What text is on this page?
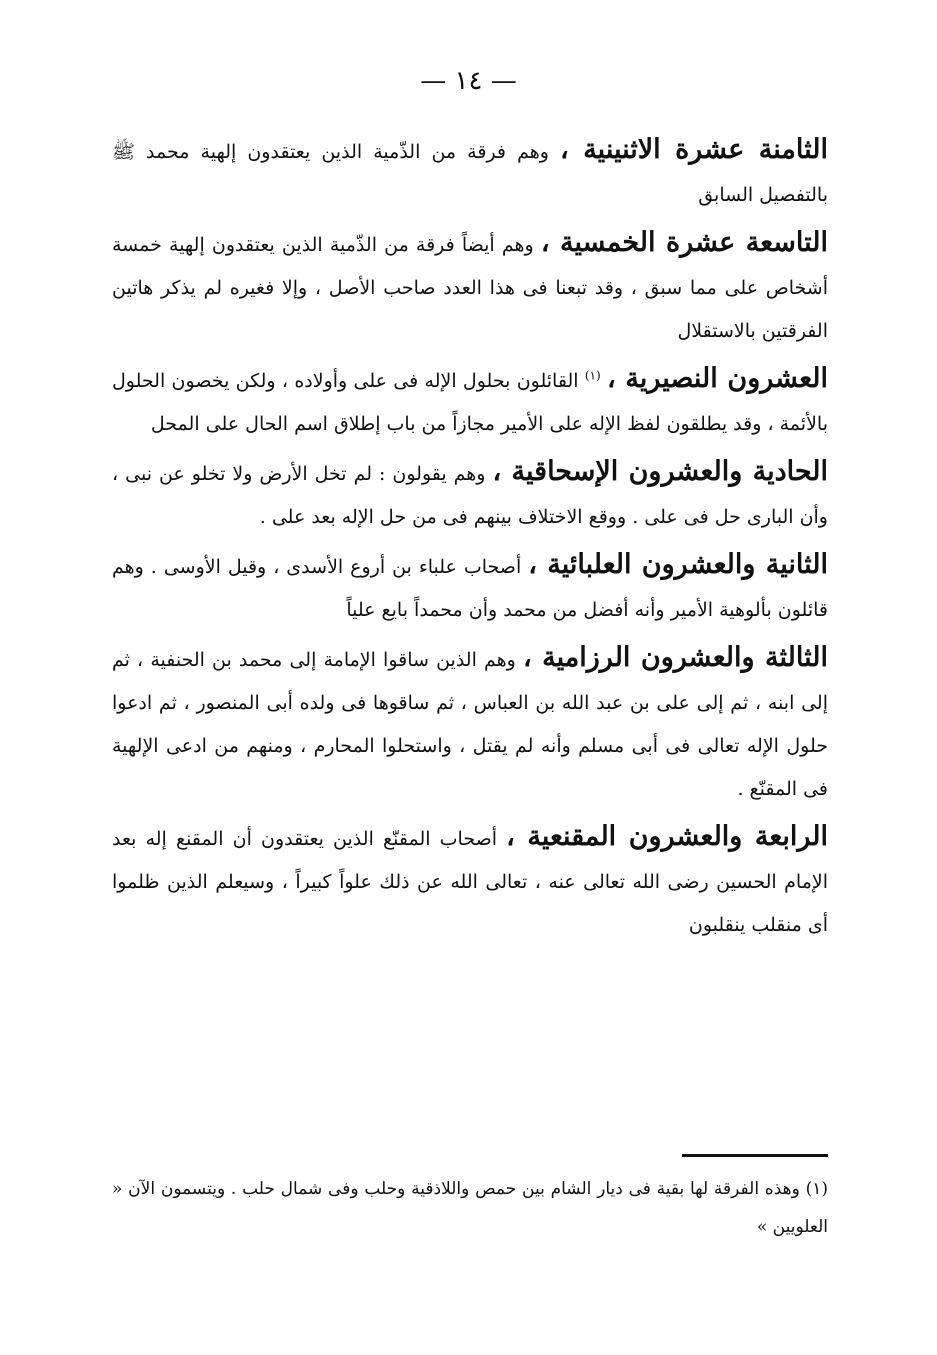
— ١٤ —

الثامنة عشرة الاثنينية ، وهم فرقة من الذّمية الذين يعتقدون إلهية محمد ﷺ بالتفصيل السابق

التاسعة عشرة الخمسية ، وهم أيضاً فرقة من الذّمية الذين يعتقدون إلهية خمسة أشخاص على مما سبق ، وقد تبعنا فى هذا العدد صاحب الأصل ، وإلا فغيره لم يذكر هاتين الفرقتين بالاستقلال

العشرون النصيرية ، $^{(١)}$ القائلون بحلول الإله فى على وأولاده ، ولكن يخصون الحلول بالأئمة ، وقد يطلقون لفظ الإله على الأمير مجازاً من باب إطلاق اسم الحال على المحل

الحادية والعشرون الإسحاقية ، وهم يقولون : لم تخل الأرض ولا تخلو عن نبى ، وأن البارى حل فى على . ووقع الاختلاف بينهم فى من حل الإله بعد على .

الثانية والعشرون العلبائية ، أصحاب علباء بن أروع الأسدى ، وقيل الأوسى . وهم قائلون بألوهية الأمير وأنه أفضل من محمد وأن محمداً بايع علياً

الثالثة والعشرون الرزامية ، وهم الذين ساقوا الإمامة إلى محمد بن الحنفية ، ثم إلى ابنه ، ثم إلى على بن عبد الله بن العباس ، ثم ساقوها فى ولده أبى المنصور ، ثم ادعوا حلول الإله تعالى فى أبى مسلم وأنه لم يقتل ، واستحلوا المحارم ، ومنهم من ادعى الإلهية فى المقنّع .

الرابعة والعشرون المقنعية ، أصحاب المقنّع الذين يعتقدون أن المقنع إله بعد الإمام الحسين رضى الله تعالى عنه ، تعالى الله عن ذلك علواً كبيراً ، وسيعلم الذين ظلموا أى منقلب ينقلبون

(١) وهذه الفرقة لها بقية فى ديار الشام بين حمص واللاذقية وحلب وفى شمال حلب . ويتسمون الآن « العلويين »
